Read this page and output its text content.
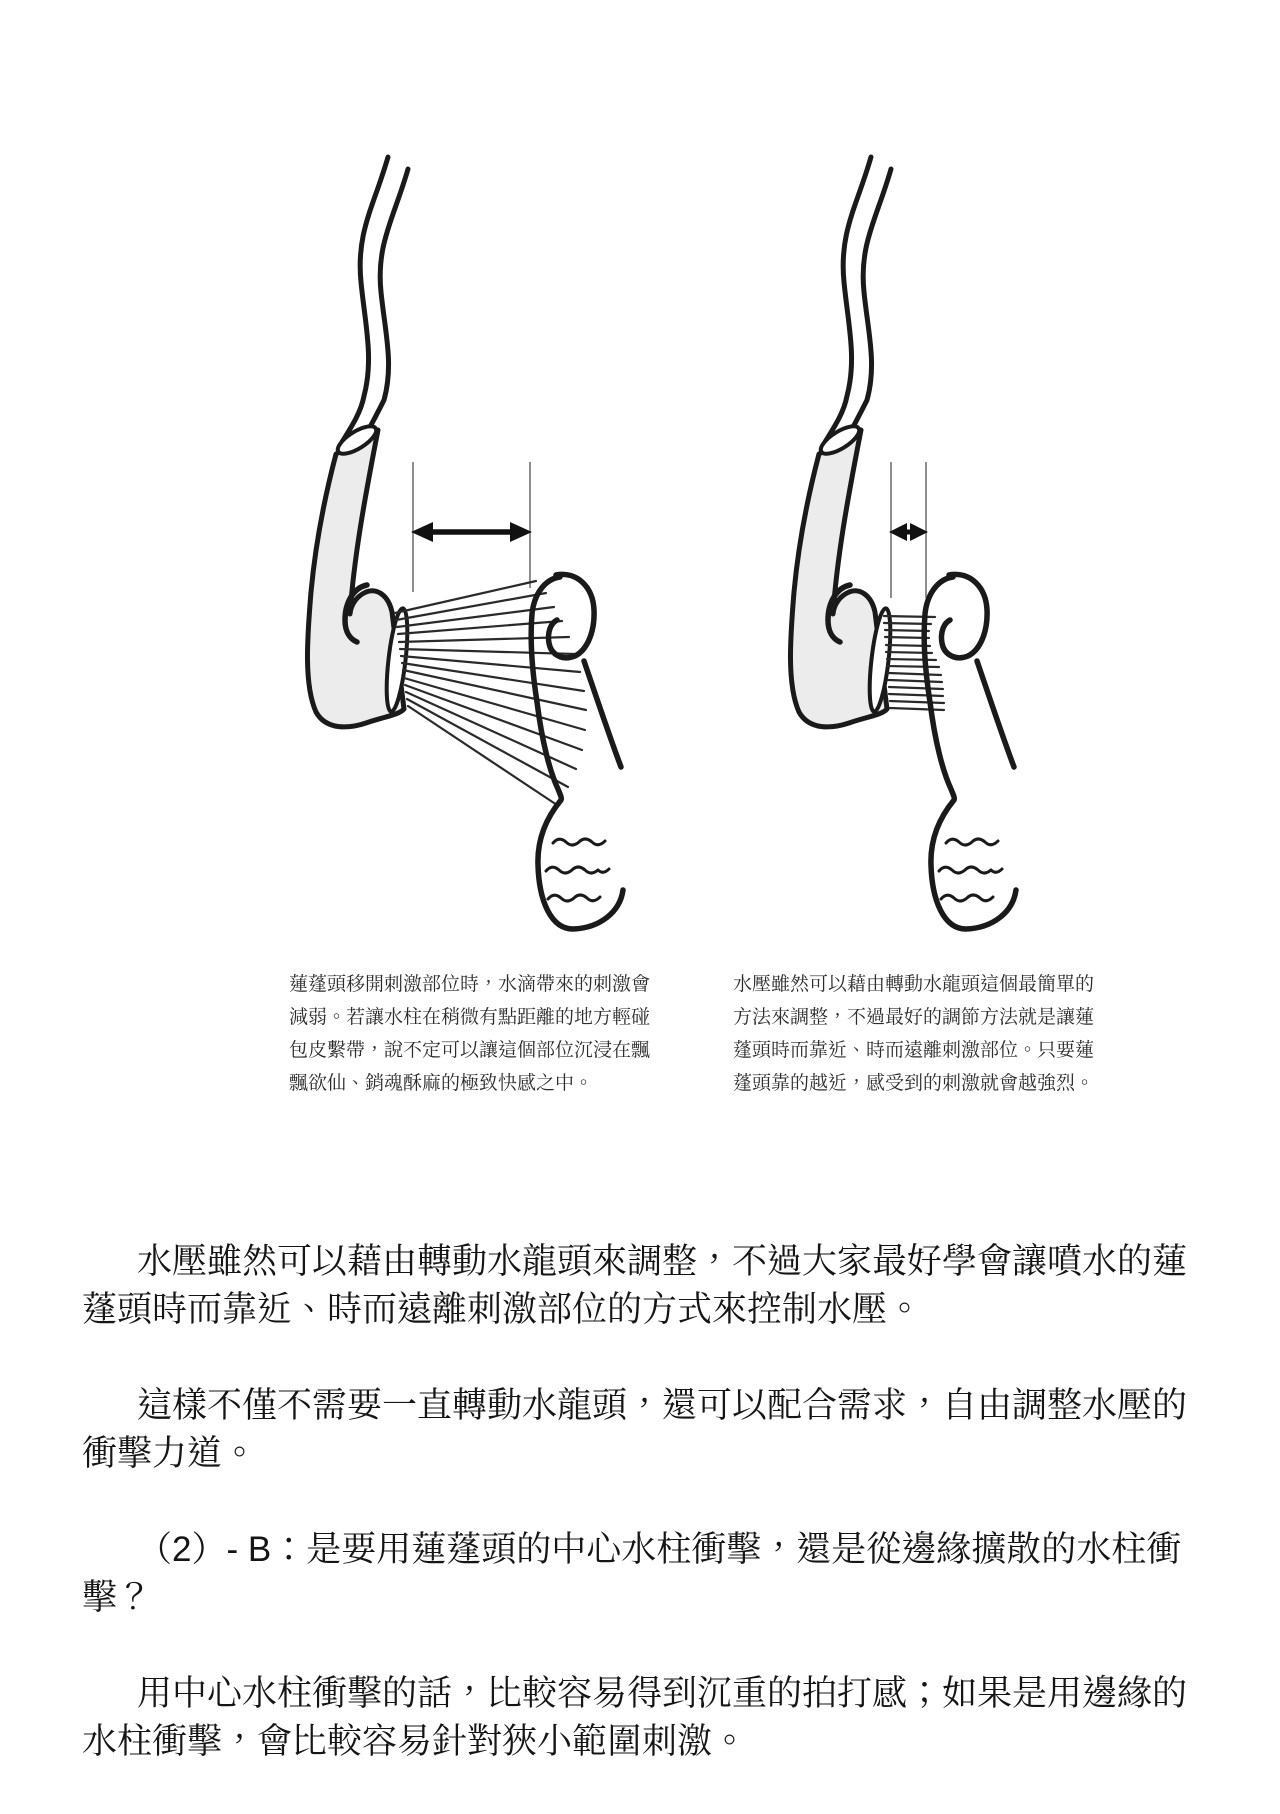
蓮蓬頭移開刺激部位時，水滴帶來的刺激會減弱。若讓水柱在稍微有點距離的地方輕碰包皮繫帶，說不定可以讓這個部位沉浸在飄飄欲仙、銷魂酥麻的極致快感之中。
水壓雖然可以藉由轉動水龍頭這個最簡單的方法來調整，不過最好的調節方法就是讓蓮蓬頭時而靠近、時而遠離刺激部位。只要蓮蓬頭靠的越近，感受到的刺激就會越強烈。

水壓雖然可以藉由轉動水龍頭來調整，不過大家最好學會讓噴水的蓮蓬頭時而靠近、時而遠離刺激部位的方式來控制水壓。

這樣不僅不需要一直轉動水龍頭，還可以配合需求，自由調整水壓的衝擊力道。

（2）- B：是要用蓮蓬頭的中心水柱衝擊，還是從邊緣擴散的水柱衝擊？

用中心水柱衝擊的話，比較容易得到沉重的拍打感；如果是用邊緣的水柱衝擊，會比較容易針對狹小範圍刺激。
